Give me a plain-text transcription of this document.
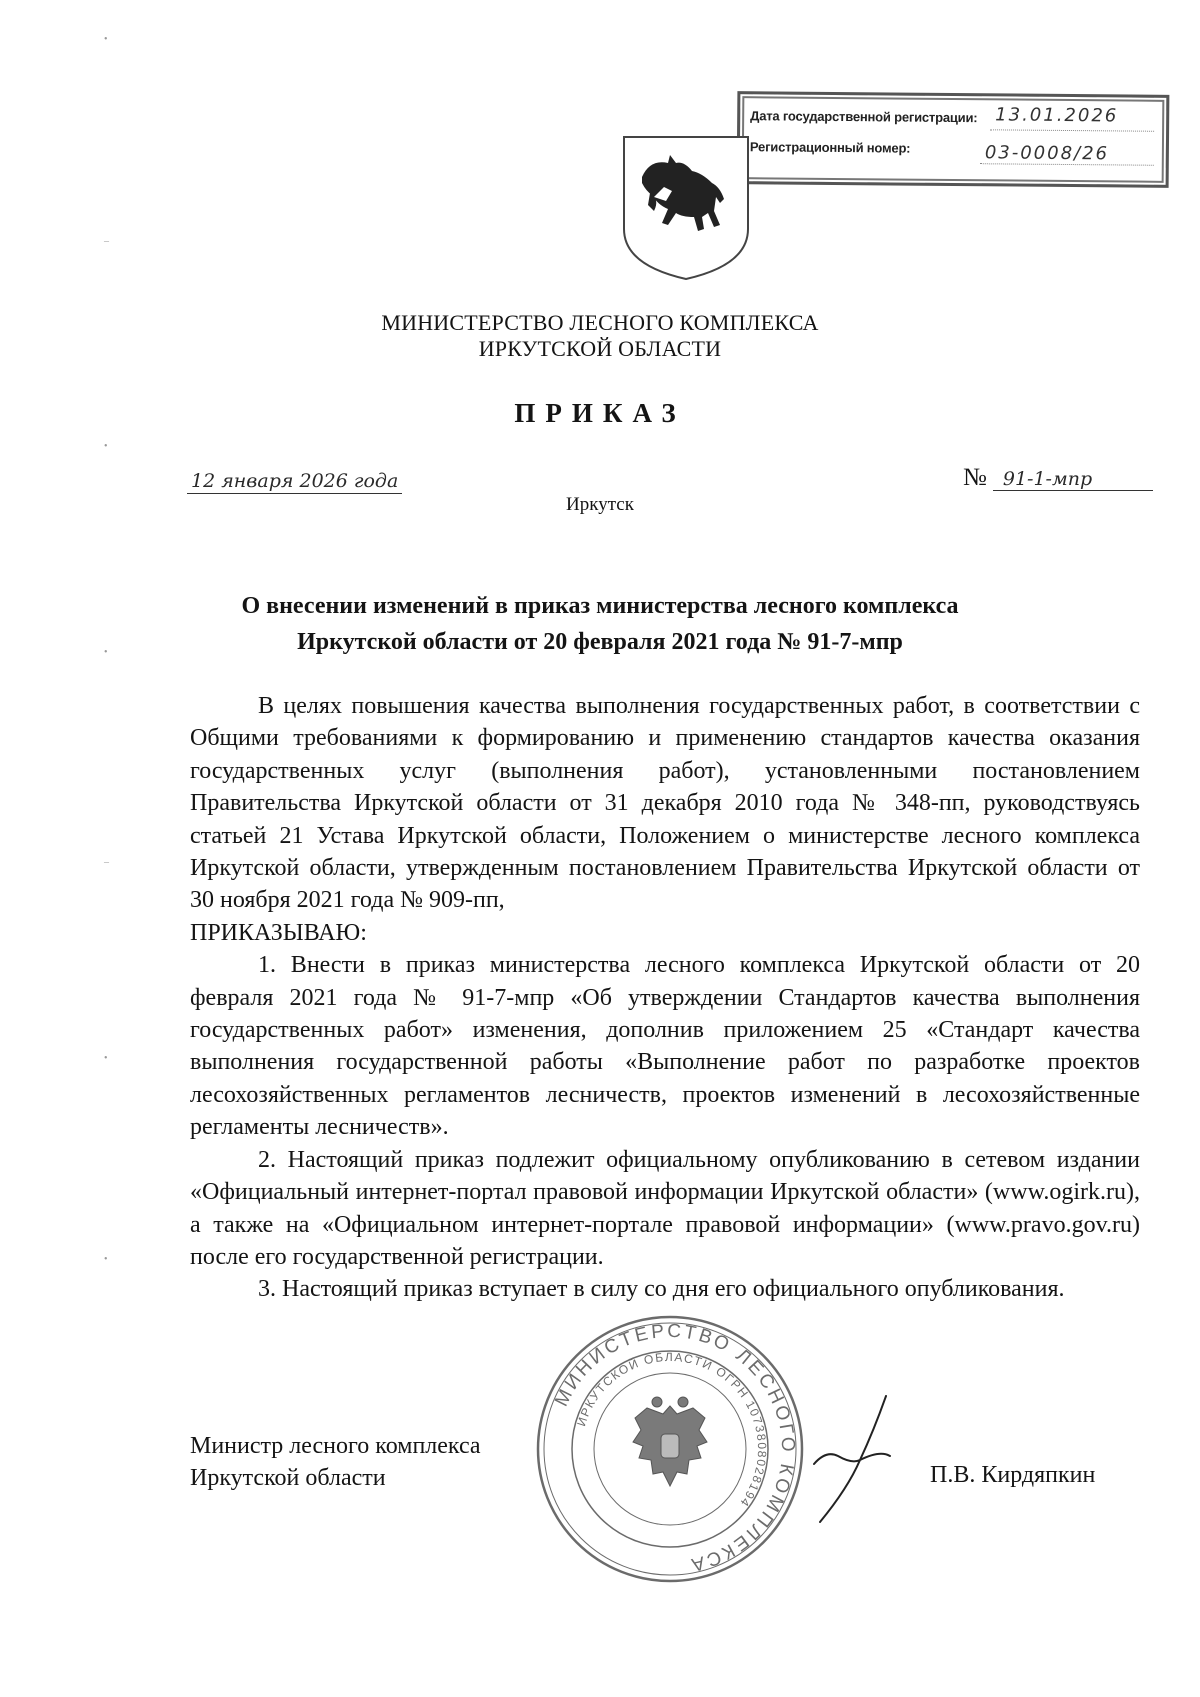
•
–
•
•
–
•
•
Дата государственной регистрации: 13.01.2026
Регистрационный номер:	03-0008/26
МИНИСТЕРСТВО ЛЕСНОГО КОМПЛЕКСА
ИРКУТСКОЙ ОБЛАСТИ
ПРИКАЗ
12 января 2026 года	№ 91-1-мпр
Иркутск
О внесении изменений в приказ министерства лесного комплекса
Иркутской области от 20 февраля 2021 года № 91-7-мпр

В целях повышения качества выполнения государственных работ, в соответствии с Общими требованиями к формированию и применению стандартов качества оказания государственных услуг (выполнения работ), установленными постановлением Правительства Иркутской области от 31 декабря 2010 года № 348-пп, руководствуясь статьей 21 Устава Иркутской области, Положением о министерстве лесного комплекса Иркутской области, утвержденным постановлением Правительства Иркутской области от 30 ноября 2021 года № 909-пп,

ПРИКАЗЫВАЮ:

1. Внести в приказ министерства лесного комплекса Иркутской области от 20 февраля 2021 года № 91-7-мпр «Об утверждении Стандартов качества выполнения государственных работ» изменения, дополнив приложением 25 «Стандарт качества выполнения государственной работы «Выполнение работ по разработке проектов лесохозяйственных регламентов лесничеств, проектов изменений в лесохозяйственные регламенты лесничеств».

2. Настоящий приказ подлежит официальному опубликованию в сетевом издании «Официальный интернет-портал правовой информации Иркутской области» (www.ogirk.ru), а также на «Официальном интернет-портале правовой информации» (www.pravo.gov.ru) после его государственной регистрации.

3. Настоящий приказ вступает в силу со дня его официального опубликования.

МИНИСТЕРСТВО ЛЕСНОГО КОМПЛЕКСА
ИРКУТСКОЙ ОБЛАСТИ ОГРН 1073808028194
Министр лесного комплекса
Иркутской области	П.В. Кирдяпкин
